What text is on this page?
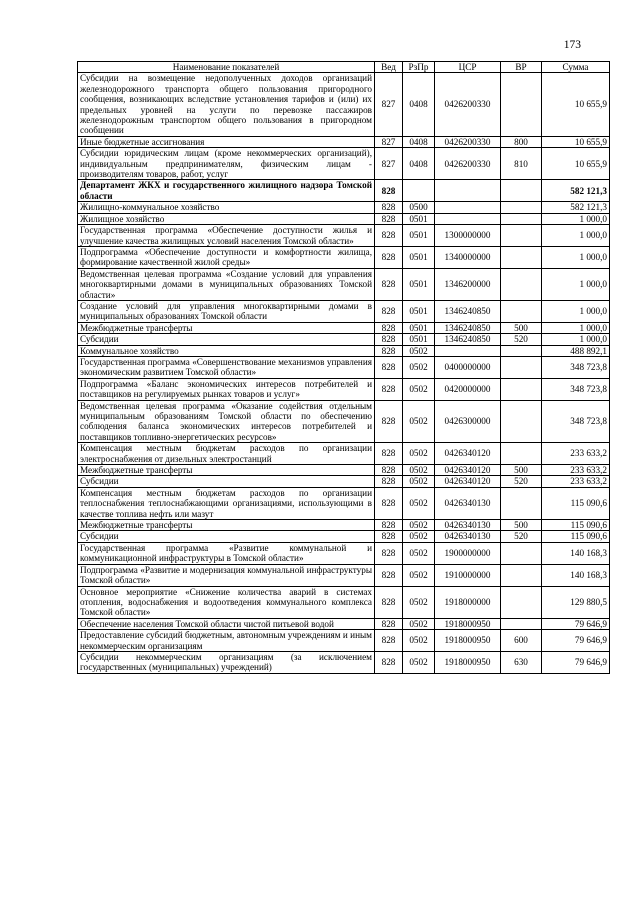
173
Наименование показателей	Вед	РзПр	ЦСР	ВР	Сумма
Субсидии на возмещение недополученных доходов организаций железнодорожного транспорта общего пользования пригородного сообщения, возникающих вследствие установления тарифов и (или) их предельных уровней на услуги по перевозке пассажиров железнодорожным транспортом общего пользования в пригородном сообщении	827	0408	0426200330		10 655,9
Иные бюджетные ассигнования	827	0408	0426200330	800	10 655,9
Субсидии юридическим лицам (кроме некоммерческих организаций), индивидуальным предпринимателям, физическим лицам - производителям товаров, работ, услуг	827	0408	0426200330	810	10 655,9
Департамент ЖКХ и государственного жилищного надзора Томской области	828				582 121,3
Жилищно-коммунальное хозяйство	828	0500			582 121,3
Жилищное хозяйство	828	0501			1 000,0
Государственная программа «Обеспечение доступности жилья и улучшение качества жилищных условий населения Томской области»	828	0501	1300000000		1 000,0
Подпрограмма «Обеспечение доступности и комфортности жилища, формирование качественной жилой среды»	828	0501	1340000000		1 000,0
Ведомственная целевая программа «Создание условий для управления многоквартирными домами в муниципальных образованиях Томской области»	828	0501	1346200000		1 000,0
Создание условий для управления многоквартирными домами в муниципальных образованиях Томской области	828	0501	1346240850		1 000,0
Межбюджетные трансферты	828	0501	1346240850	500	1 000,0
Субсидии	828	0501	1346240850	520	1 000,0
Коммунальное хозяйство	828	0502			488 892,1
Государственная программа «Совершенствование механизмов управления экономическим развитием Томской области»	828	0502	0400000000		348 723,8
Подпрограмма «Баланс экономических интересов потребителей и поставщиков на регулируемых рынках товаров и услуг»	828	0502	0420000000		348 723,8
Ведомственная целевая программа «Оказание содействия отдельным муниципальным образованиям Томской области по обеспечению соблюдения баланса экономических интересов потребителей и поставщиков топливно-энергетических ресурсов»	828	0502	0426300000		348 723,8
Компенсация местным бюджетам расходов по организации электроснабжения от дизельных электростанций	828	0502	0426340120		233 633,2
Межбюджетные трансферты	828	0502	0426340120	500	233 633,2
Субсидии	828	0502	0426340120	520	233 633,2
Компенсация местным бюджетам расходов по организации теплоснабжения теплоснабжающими организациями, использующими в качестве топлива нефть или мазут	828	0502	0426340130		115 090,6
Межбюджетные трансферты	828	0502	0426340130	500	115 090,6
Субсидии	828	0502	0426340130	520	115 090,6
Государственная программа «Развитие коммунальной и коммуникационной инфраструктуры в Томской области»	828	0502	1900000000		140 168,3
Подпрограмма «Развитие и модернизация коммунальной инфраструктуры Томской области»	828	0502	1910000000		140 168,3
Основное мероприятие «Снижение количества аварий в системах отопления, водоснабжения и водоотведения коммунального комплекса Томской области»	828	0502	1918000000		129 880,5
Обеспечение населения Томской области чистой питьевой водой	828	0502	1918000950		79 646,9
Предоставление субсидий бюджетным, автономным учреждениям и иным некоммерческим организациям	828	0502	1918000950	600	79 646,9
Субсидии некоммерческим организациям (за исключением государственных (муниципальных) учреждений)	828	0502	1918000950	630	79 646,9
